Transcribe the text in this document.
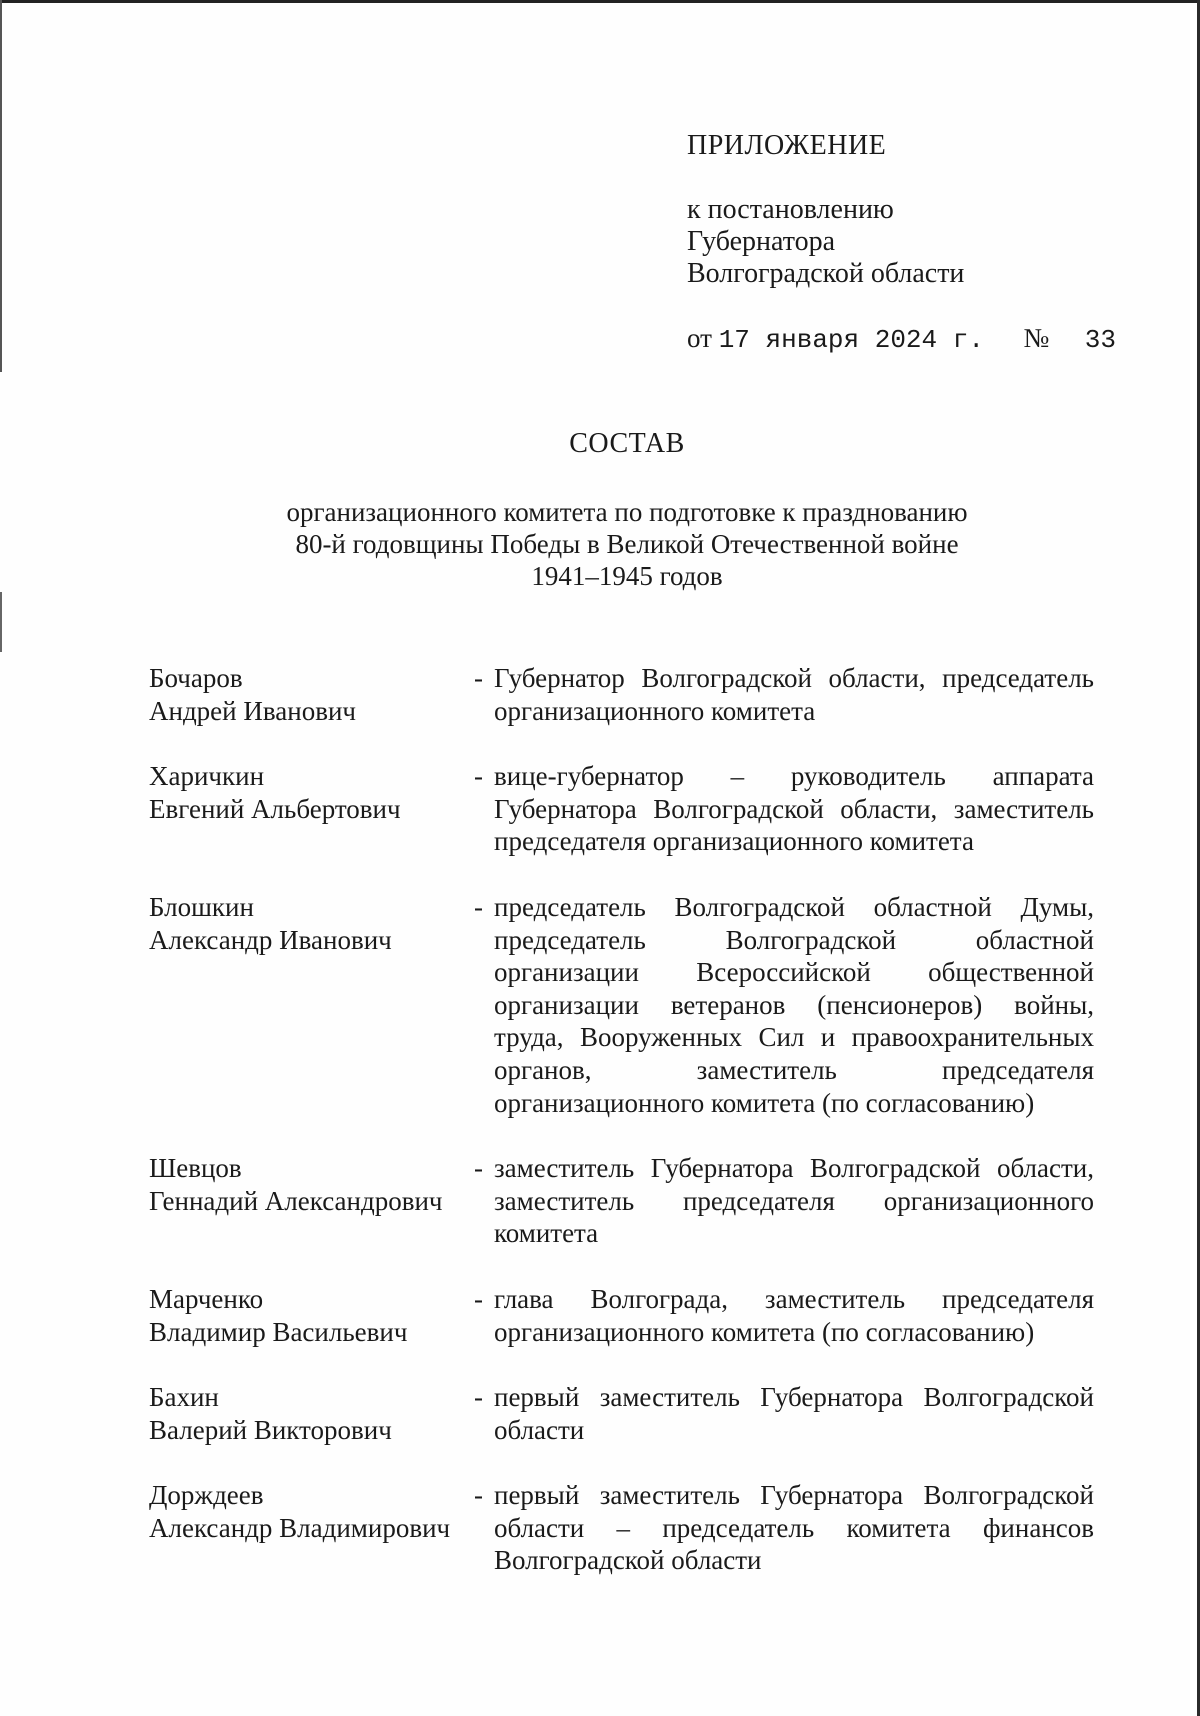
ПРИЛОЖЕНИЕ
к постановлению
Губернатора
Волгоградской области
от 17 января 2024 г. № 33
СОСТАВ
организационного комитета по подготовке к празднованию
80-й годовщины Победы в Великой Отечественной войне
1941–1945 годов
Бочаров
Андрей Иванович
- Губернатор Волгоградской области, председатель организационного комитета
Харичкин
Евгений Альбертович
- вице-губернатор – руководитель аппарата Губернатора Волгоградской области, заместитель председателя организационного комитета
Блошкин
Александр Иванович
- председатель Волгоградской областной Думы, председатель Волгоградской областной организации Всероссийской общественной организации ветеранов (пенсионеров) войны, труда, Вооруженных Сил и правоохранительных органов, заместитель председателя организационного комитета (по согласованию)
Шевцов
Геннадий Александрович
- заместитель Губернатора Волгоградской области, заместитель председателя организационного комитета
Марченко
Владимир Васильевич
- глава Волгограда, заместитель председателя организационного комитета (по согласованию)
Бахин
Валерий Викторович
- первый заместитель Губернатора Волгоградской области
Дорждеев
Александр Владимирович
- первый заместитель Губернатора Волгоградской области – председатель комитета финансов Волгоградской области
